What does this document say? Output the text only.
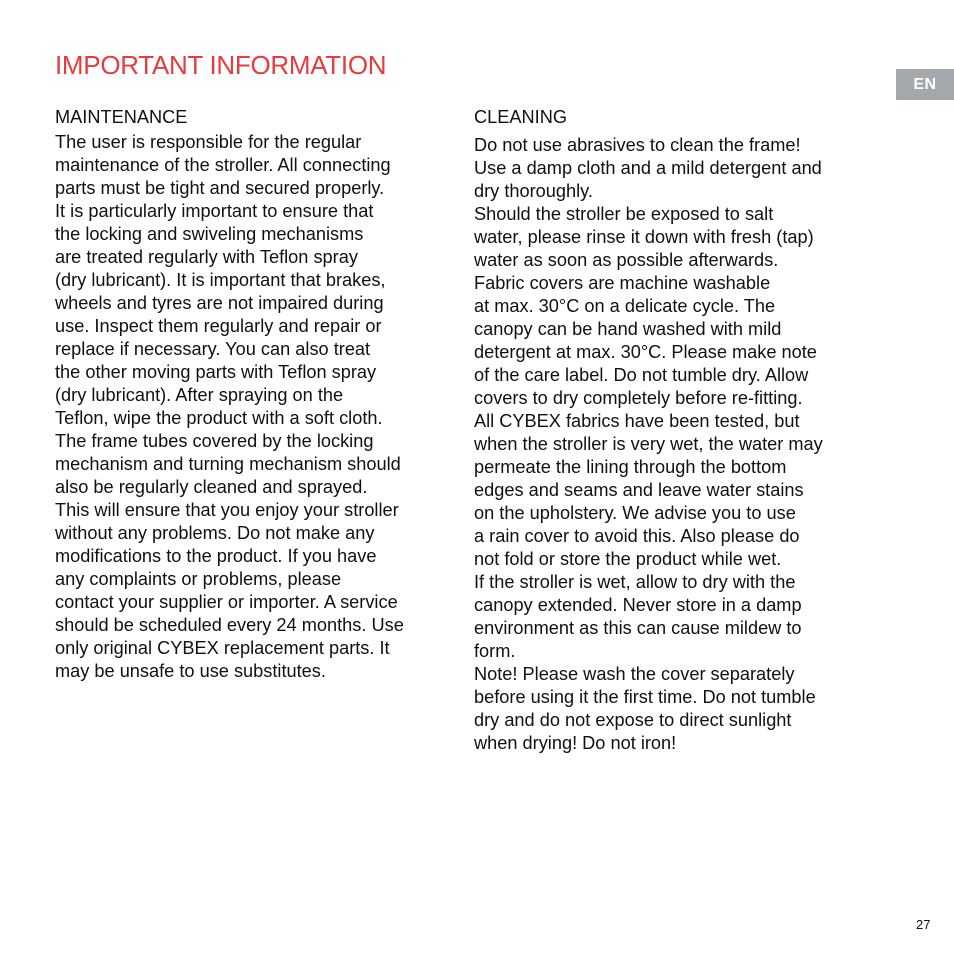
IMPORTANT INFORMATION
EN
MAINTENANCE
The user is responsible for the regular
maintenance of the stroller. All connecting
parts must be tight and secured properly.
It is particularly important to ensure that
the locking and swiveling mechanisms
are treated regularly with Teflon spray
(dry lubricant). It is important that brakes,
wheels and tyres are not impaired during
use. Inspect them regularly and repair or
replace if necessary. You can also treat
the other moving parts with Teflon spray
(dry lubricant). After spraying on the
Teflon, wipe the product with a soft cloth.
The frame tubes covered by the locking
mechanism and turning mechanism should
also be regularly cleaned and sprayed.
This will ensure that you enjoy your stroller
without any problems. Do not make any
modifications to the product. If you have
any complaints or problems, please
contact your supplier or importer. A service
should be scheduled every 24 months. Use
only original CYBEX replacement parts. It
may be unsafe to use substitutes.
CLEANING
Do not use abrasives to clean the frame!
Use a damp cloth and a mild detergent and
dry thoroughly.
Should the stroller be exposed to salt
water, please rinse it down with fresh (tap)
water as soon as possible afterwards.
Fabric covers are machine washable
at max. 30°C on a delicate cycle. The
canopy can be hand washed with mild
detergent at max. 30°C. Please make note
of the care label. Do not tumble dry. Allow
covers to dry completely before re-fitting.
All CYBEX fabrics have been tested, but
when the stroller is very wet, the water may
permeate the lining through the bottom
edges and seams and leave water stains
on the upholstery. We advise you to use
a rain cover to avoid this. Also please do
not fold or store the product while wet.
If the stroller is wet, allow to dry with the
canopy extended. Never store in a damp
environment as this can cause mildew to
form.
Note! Please wash the cover separately
before using it the first time. Do not tumble
dry and do not expose to direct sunlight
when drying! Do not iron!
27
